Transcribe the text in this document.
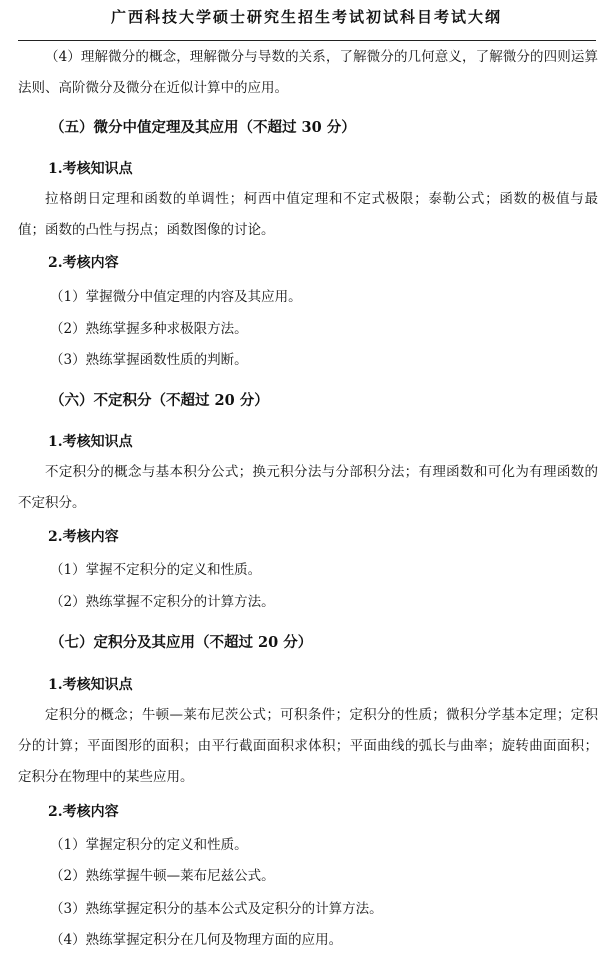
广西科技大学硕士研究生招生考试初试科目考试大纲
（4）理解微分的概念，理解微分与导数的关系，了解微分的几何意义，了解微分的四则运算法则、高阶微分及微分在近似计算中的应用。
（五）微分中值定理及其应用（不超过 30 分）
1.考核知识点
拉格朗日定理和函数的单调性；柯西中值定理和不定式极限；泰勒公式；函数的极值与最值；函数的凸性与拐点；函数图像的讨论。
2.考核内容
（1）掌握微分中值定理的内容及其应用。
（2）熟练掌握多种求极限方法。
（3）熟练掌握函数性质的判断。
（六）不定积分（不超过 20 分）
1.考核知识点
不定积分的概念与基本积分公式；换元积分法与分部积分法；有理函数和可化为有理函数的不定积分。
2.考核内容
（1）掌握不定积分的定义和性质。
（2）熟练掌握不定积分的计算方法。
（七）定积分及其应用（不超过 20 分）
1.考核知识点
定积分的概念；牛顿—莱布尼茨公式；可积条件；定积分的性质；微积分学基本定理；定积分的计算；平面图形的面积；由平行截面面积求体积；平面曲线的弧长与曲率；旋转曲面面积；定积分在物理中的某些应用。
2.考核内容
（1）掌握定积分的定义和性质。
（2）熟练掌握牛顿—莱布尼兹公式。
（3）熟练掌握定积分的基本公式及定积分的计算方法。
（4）熟练掌握定积分在几何及物理方面的应用。
